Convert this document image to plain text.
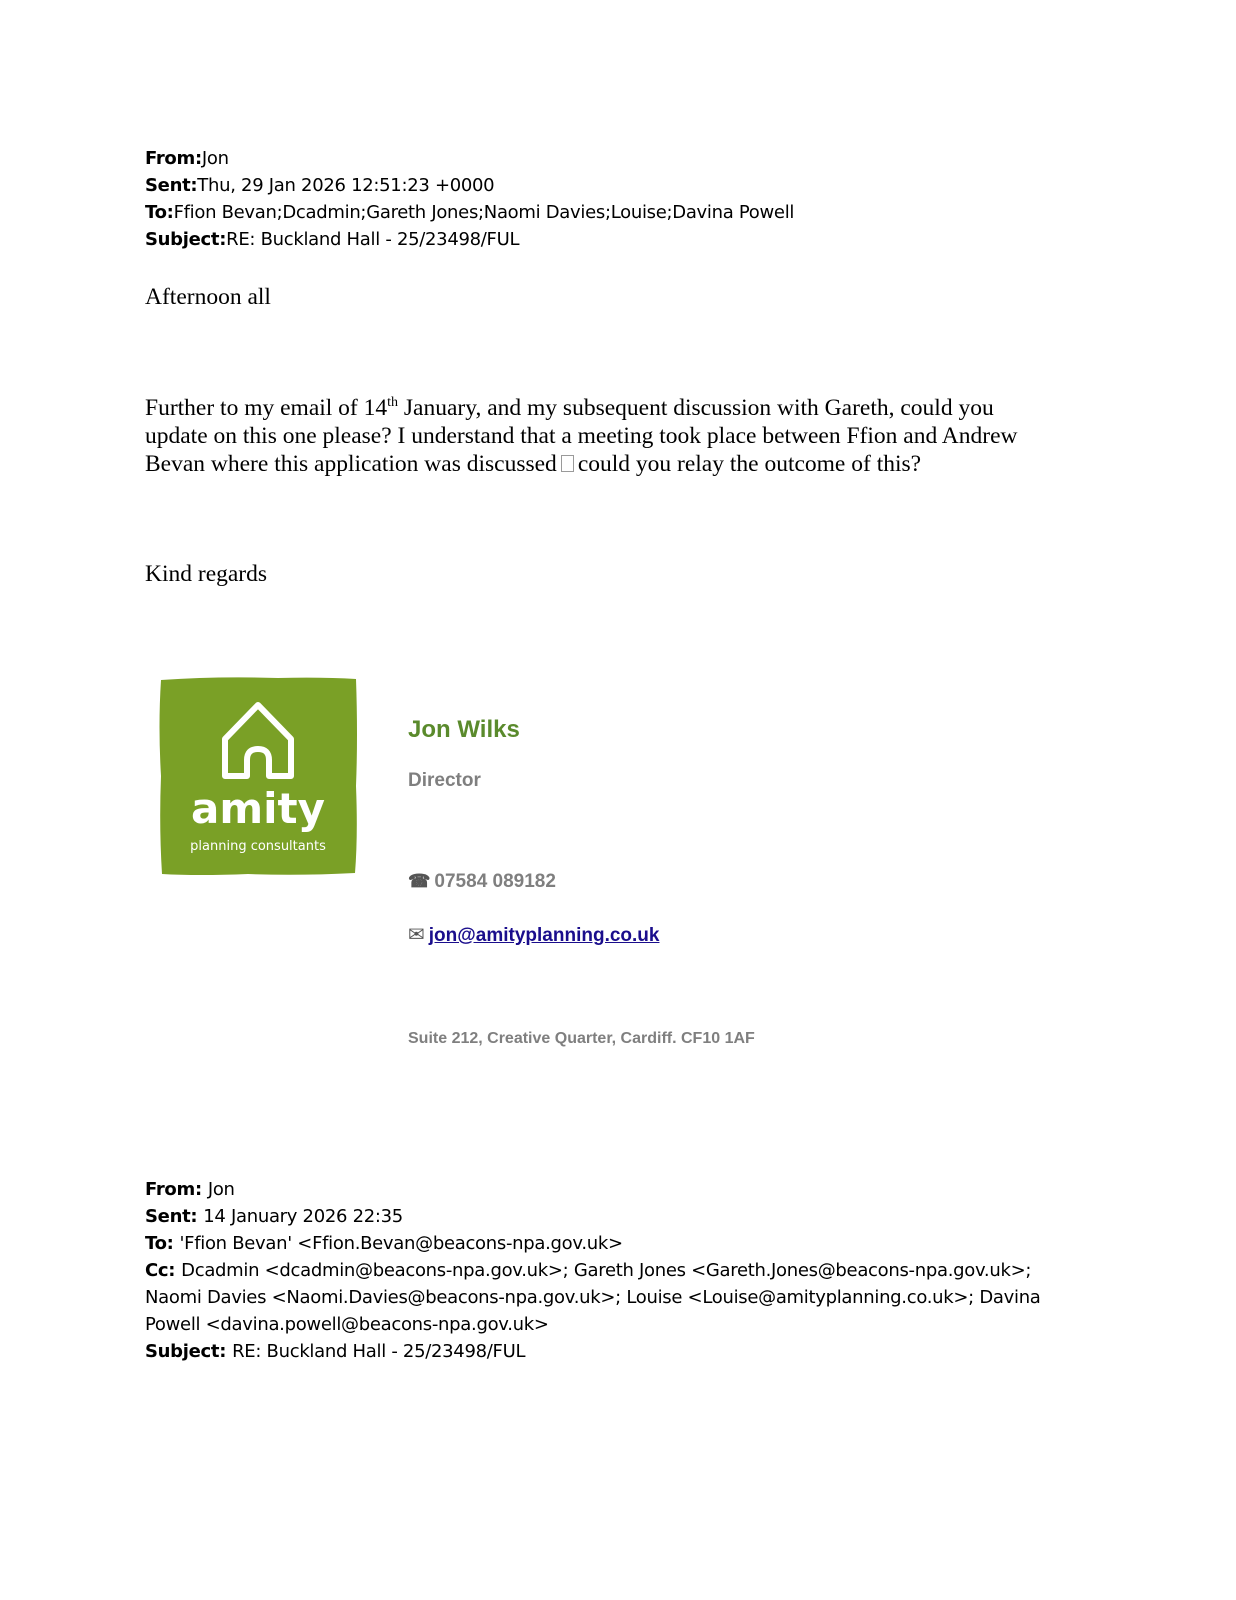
From:Jon
Sent:Thu, 29 Jan 2026 12:51:23 +0000
To:Ffion Bevan;Dcadmin;Gareth Jones;Naomi Davies;Louise;Davina Powell
Subject:RE: Buckland Hall - 25/23498/FUL
Afternoon all
Further to my email of 14th January, and my subsequent discussion with Gareth, could you update on this one please? I understand that a meeting took place between Ffion and Andrew Bevan where this application was discussed could you relay the outcome of this?
Kind regards
amity
planning consultants
Jon Wilks
Director
☎ 07584 089182
✉ jon@amityplanning.co.uk
Suite 212, Creative Quarter, Cardiff. CF10 1AF
From: Jon
Sent: 14 January 2026 22:35
To: 'Ffion Bevan' <Ffion.Bevan@beacons-npa.gov.uk>
Cc: Dcadmin <dcadmin@beacons-npa.gov.uk>; Gareth Jones <Gareth.Jones@beacons-npa.gov.uk>; Naomi Davies <Naomi.Davies@beacons-npa.gov.uk>; Louise <Louise@amityplanning.co.uk>; Davina Powell <davina.powell@beacons-npa.gov.uk>
Subject: RE: Buckland Hall - 25/23498/FUL
